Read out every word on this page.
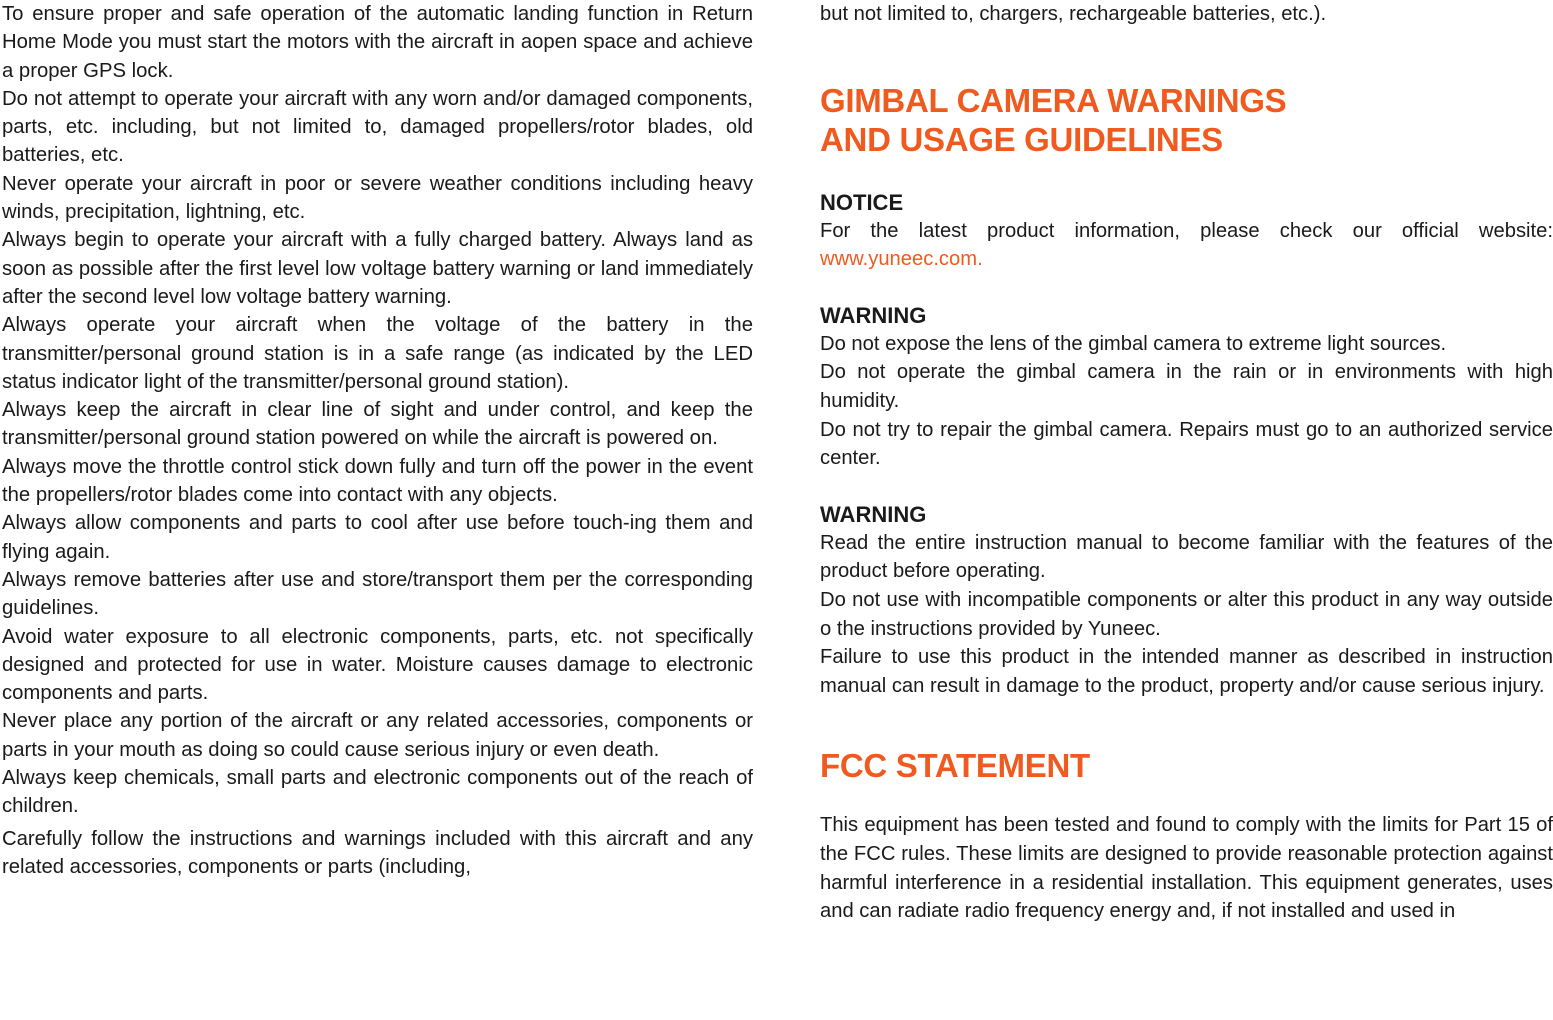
To ensure proper and safe operation of the automatic landing function in Return Home Mode you must start the motors with the aircraft in aopen space and achieve a proper GPS lock.

Do not attempt to operate your aircraft with any worn and/or damaged components, parts, etc. including, but not limited to, damaged propellers/rotor blades, old batteries, etc.

Never operate your aircraft in poor or severe weather conditions including heavy winds, precipitation, lightning, etc.

Always begin to operate your aircraft with a fully charged battery. Always land as soon as possible after the first level low voltage battery warning or land immediately after the second level low voltage battery warning.

Always operate your aircraft when the voltage of the battery in the transmitter/personal ground station is in a safe range (as indicated by the LED status indicator light of the transmitter/personal ground station).

Always keep the aircraft in clear line of sight and under control, and keep the transmitter/personal ground station powered on while the aircraft is powered on.

Always move the throttle control stick down fully and turn off the power in the event the propellers/rotor blades come into contact with any objects.

Always allow components and parts to cool after use before touch-ing them and flying again.

Always remove batteries after use and store/transport them per the corresponding guidelines.

Avoid water exposure to all electronic components, parts, etc. not specifically designed and protected for use in water. Moisture causes damage to electronic components and parts.

Never place any portion of the aircraft or any related accessories, components or parts in your mouth as doing so could cause serious injury or even death.

Always keep chemicals, small parts and electronic components out of the reach of children.

Carefully follow the instructions and warnings included with this aircraft and any related accessories, components or parts (including,

but not limited to, chargers, rechargeable batteries, etc.).

GIMBAL CAMERA WARNINGS
AND USAGE GUIDELINES
NOTICE

For the latest product information, please check our official website: www.yuneec.com.

WARNING

Do not expose the lens of the gimbal camera to extreme light sources.

Do not operate the gimbal camera in the rain or in environments with high humidity.

Do not try to repair the gimbal camera. Repairs must go to an authorized service center.

WARNING

Read the entire instruction manual to become familiar with the features of the product before operating.

Do not use with incompatible components or alter this product in any way outside o the instructions provided by Yuneec.

Failure to use this product in the intended manner as described in instruction manual can result in damage to the product, property and/or cause serious injury.

FCC STATEMENT

This equipment has been tested and found to comply with the limits for Part 15 of the FCC rules. These limits are designed to provide reasonable protection against harmful interference in a residential installation. This equipment generates, uses and can radiate radio frequency energy and, if not installed and used in
